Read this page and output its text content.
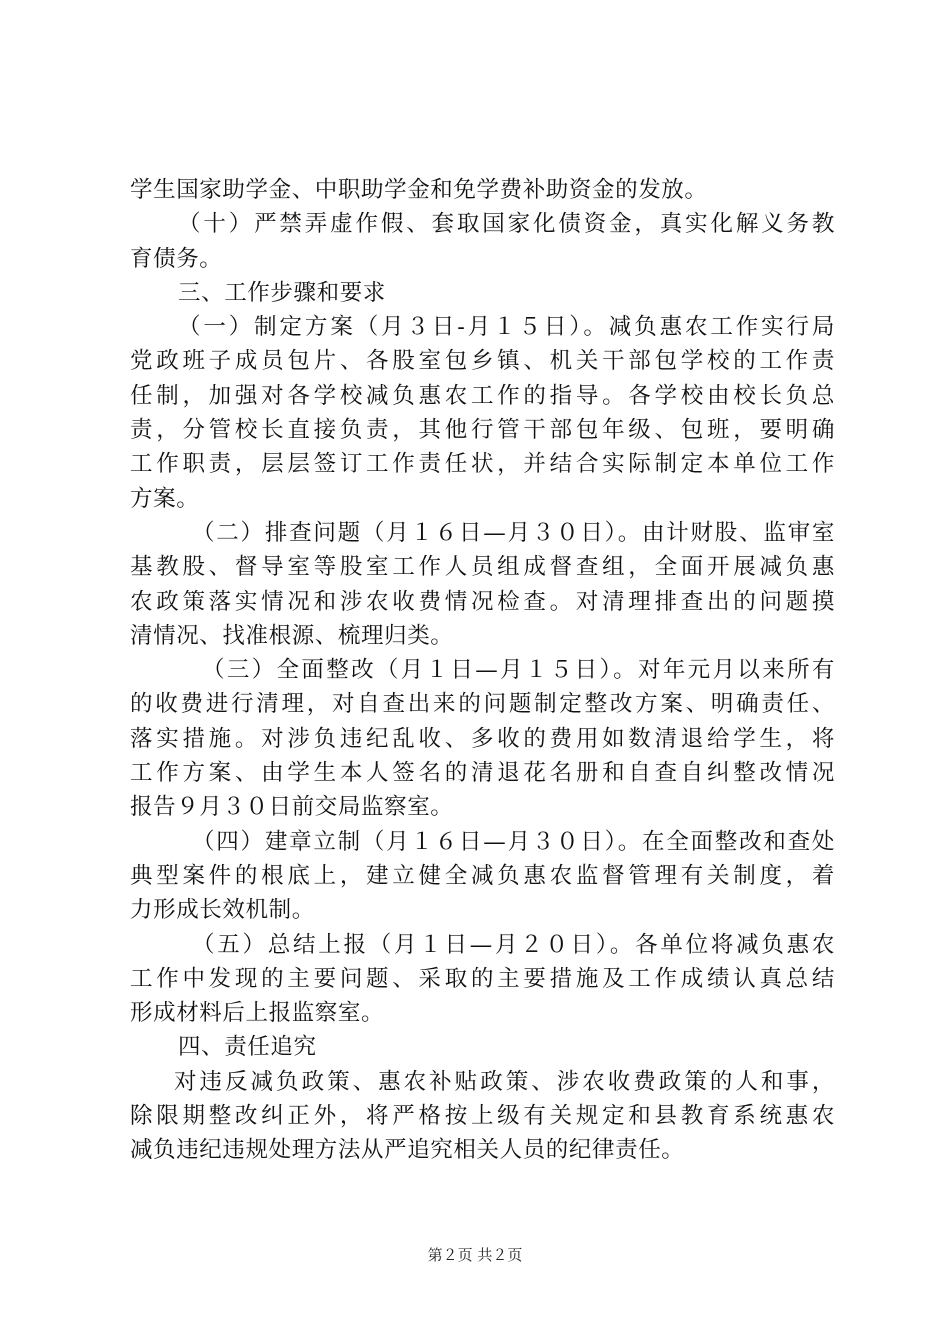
学生国家助学金、中职助学金和免学费补助资金的发放。
（十）严禁弄虚作假、套取国家化债资金，真实化解义务教
育债务。
三、工作步骤和要求
（一）制定方案（月３日-月１５日）。减负惠农工作实行局
党政班子成员包片、各股室包乡镇、机关干部包学校的工作责
任制，加强对各学校减负惠农工作的指导。各学校由校长负总
责，分管校长直接负责，其他行管干部包年级、包班，要明确
工作职责，层层签订工作责任状，并结合实际制定本单位工作
方案。
（二）排查问题（月１６日—月３０日）。由计财股、监审室
基教股、督导室等股室工作人员组成督查组，全面开展减负惠
农政策落实情况和涉农收费情况检查。对清理排查出的问题摸
清情况、找准根源、梳理归类。
（三）全面整改（月１日—月１５日）。对年元月以来所有
的收费进行清理，对自查出来的问题制定整改方案、明确责任、
落实措施。对涉负违纪乱收、多收的费用如数清退给学生，将
工作方案、由学生本人签名的清退花名册和自查自纠整改情况
报告９月３０日前交局监察室。
（四）建章立制（月１６日—月３０日）。在全面整改和查处
典型案件的根底上，建立健全减负惠农监督管理有关制度，着
力形成长效机制。
（五）总结上报（月１日—月２０日）。各单位将减负惠农
工作中发现的主要问题、采取的主要措施及工作成绩认真总结
形成材料后上报监察室。
四、责任追究
对违反减负政策、惠农补贴政策、涉农收费政策的人和事，
除限期整改纠正外，将严格按上级有关规定和县教育系统惠农
减负违纪违规处理方法从严追究相关人员的纪律责任。
第２页 共２页
